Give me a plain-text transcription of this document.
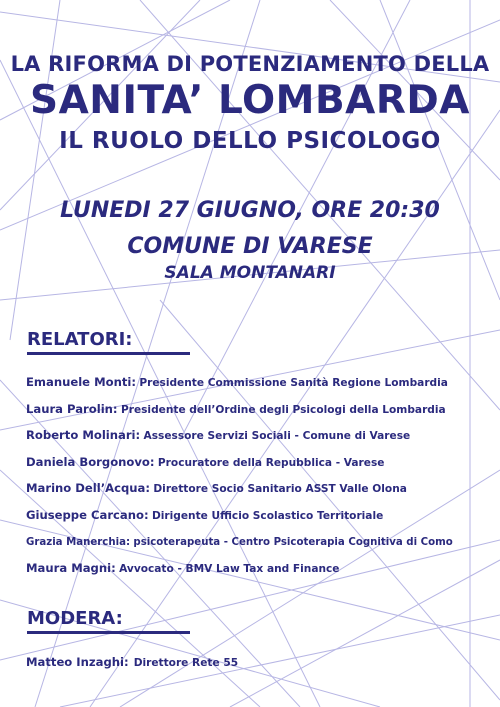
LA RIFORMA DI POTENZIAMENTO DELLA
SANITA’ LOMBARDA
IL RUOLO DELLO PSICOLOGO
LUNEDI 27 GIUGNO, ORE 20:30
COMUNE DI VARESE
SALA MONTANARI
RELATORI:
Emanuele Monti: Presidente Commissione Sanità Regione Lombardia
Laura Parolin: Presidente dell’Ordine degli Psicologi della Lombardia
Roberto Molinari: Assessore Servizi Sociali - Comune di Varese
Daniela Borgonovo: Procuratore della Repubblica - Varese
Marino Dell’Acqua: Direttore Socio Sanitario ASST Valle Olona
Giuseppe Carcano: Dirigente Ufficio Scolastico Territoriale
Grazia Manerchia: psicoterapeuta - Centro Psicoterapia Cognitiva di Como
Maura Magni: Avvocato - BMV Law Tax and Finance
MODERA:
Matteo Inzaghi: Direttore Rete 55
